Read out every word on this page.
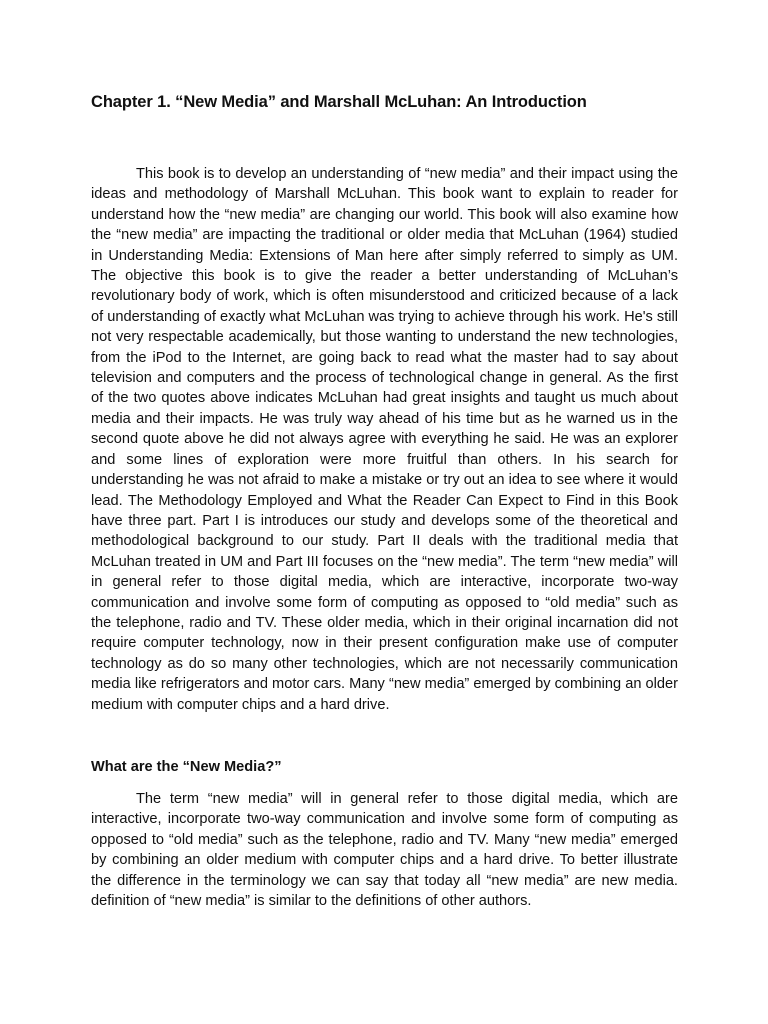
Chapter 1. “New Media” and Marshall McLuhan: An Introduction

This book is to develop an understanding of “new media” and their impact using the ideas and methodology of Marshall McLuhan. This book want to explain to reader for understand how the “new media” are changing our world. This book will also examine how the “new media” are impacting the traditional or older media that McLuhan (1964) studied in Understanding Media: Extensions of Man here after simply referred to simply as UM. The objective this book is to give the reader a better understanding of McLuhan’s revolutionary body of work, which is often misunderstood and criticized because of a lack of understanding of exactly what McLuhan was trying to achieve through his work. He's still not very respectable academically, but those wanting to understand the new technologies, from the iPod to the Internet, are going back to read what the master had to say about television and computers and the process of technological change in general. As the first of the two quotes above indicates McLuhan had great insights and taught us much about media and their impacts. He was truly way ahead of his time but as he warned us in the second quote above he did not always agree with everything he said. He was an explorer and some lines of exploration were more fruitful than others. In his search for understanding he was not afraid to make a mistake or try out an idea to see where it would lead. The Methodology Employed and What the Reader Can Expect to Find in this Book have three part. Part I is introduces our study and develops some of the theoretical and methodological background to our study. Part II deals with the traditional media that McLuhan treated in UM and Part III focuses on the “new media”. The term “new media” will in general refer to those digital media, which are interactive, incorporate two-way communication and involve some form of computing as opposed to “old media” such as the telephone, radio and TV. These older media, which in their original incarnation did not require computer technology, now in their present configuration make use of computer technology as do so many other technologies, which are not necessarily communication media like refrigerators and motor cars. Many “new media” emerged by combining an older medium with computer chips and a hard drive.

What are the “New Media?”

The term “new media” will in general refer to those digital media, which are interactive, incorporate two-way communication and involve some form of computing as opposed to “old media” such as the telephone, radio and TV. Many “new media” emerged by combining an older medium with computer chips and a hard drive. To better illustrate the difference in the terminology we can say that today all “new media” are new media. definition of “new media” is similar to the definitions of other authors.
